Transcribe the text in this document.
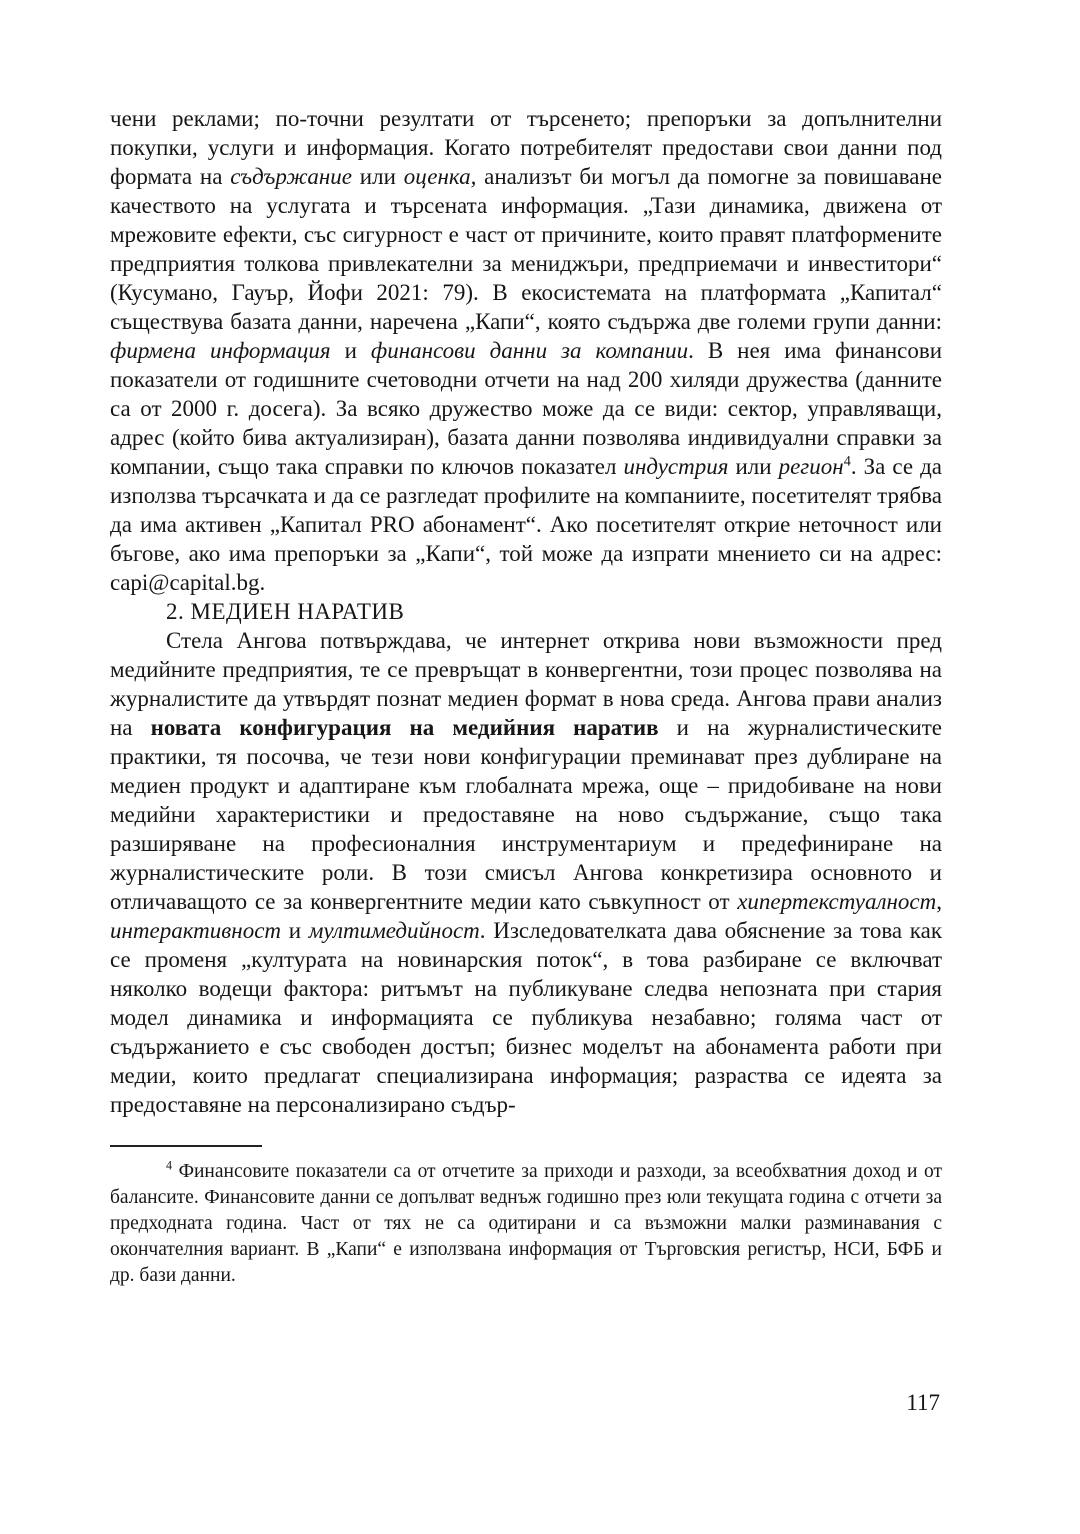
чени реклами; по-точни резултати от търсенето; препоръки за допълнителни покупки, услуги и информация. Когато потребителят предостави свои данни под формата на съдържание или оценка, анализът би могъл да помогне за повишаване качеството на услугата и търсената информация. „Тази динамика, движена от мрежовите ефекти, със сигурност е част от причините, които правят платформените предприятия толкова привлекателни за мениджъри, предприемачи и инвеститори“ (Кусумано, Гауър, Йофи 2021: 79). В екосистемата на платформата „Капитал“ съществува базата данни, наречена „Капи“, която съдържа две големи групи данни: фирмена информация и финансови данни за компании. В нея има финансови показатели от годишните счетоводни отчети на над 200 хиляди дружества (данните са от 2000 г. досега). За всяко дружество може да се види: сектор, управляващи, адрес (който бива актуализиран), базата данни позволява индивидуални справки за компании, също така справки по ключов показател индустрия или регион$^4$. За се да използва търсачката и да се разгледат профилите на компаниите, посетителят трябва да има активен „Капитал PRO абонамент“. Ако посетителят открие неточност или бъгове, ако има препоръки за „Капи“, той може да изпрати мнението си на адрес: capi@capital.bg.

2. МЕДИЕН НАРАТИВ

Стела Ангова потвърждава, че интернет открива нови възможности пред медийните предприятия, те се превръщат в конвергентни, този процес позволява на журналистите да утвърдят познат медиен формат в нова среда. Ангова прави анализ на новата конфигурация на медийния наратив и на журналистическите практики, тя посочва, че тези нови конфигурации преминават през дублиране на медиен продукт и адаптиране към глобалната мрежа, още – придобиване на нови медийни характеристики и предоставяне на ново съдържание, също така разширяване на професионалния инструментариум и предефиниране на журналистическите роли. В този смисъл Ангова конкретизира основното и отличаващото се за конвергентните медии като съвкупност от хипертекстуалност, интерактивност и мултимедийност. Изследователката дава обяснение за това как се променя „културата на новинарския поток“, в това разбиране се включват няколко водещи фактора: ритъмът на публикуване следва непозната при стария модел динамика и информацията се публикува незабавно; голяма част от съдържанието е със свободен достъп; бизнес моделът на абонамента работи при медии, които предлагат специализирана информация; разраства се идеята за предоставяне на персонализирано съдър-

$^4$ Финансовите показатели са от отчетите за приходи и разходи, за всеобхватния доход и от балансите. Финансовите данни се допълват веднъж годишно през юли текущата година с отчети за предходната година. Част от тях не са одитирани и са възможни малки разминавания с окончателния вариант. В „Капи“ е използвана информация от Търговския регистър, НСИ, БФБ и др. бази данни.

117
